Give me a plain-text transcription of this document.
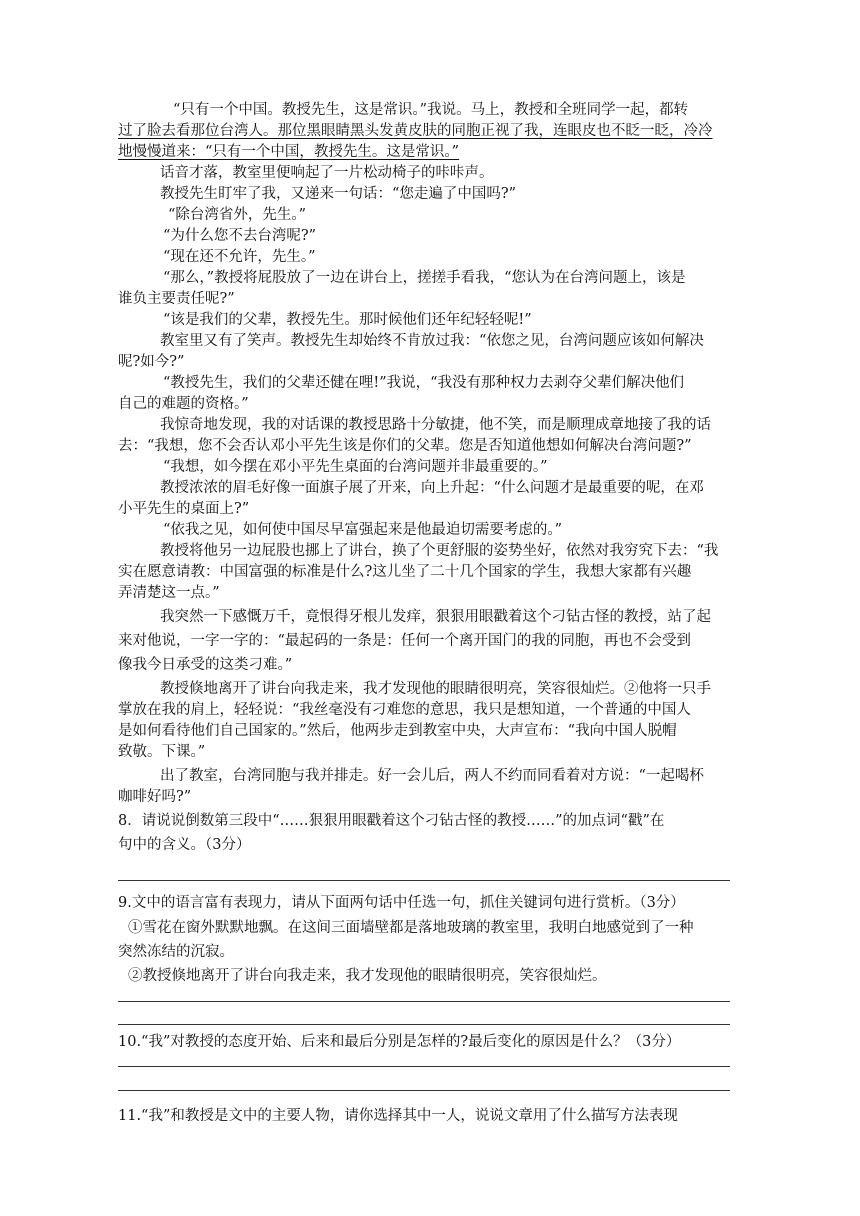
“只有一个中国。教授先生，这是常识。”我说。马上，教授和全班同学一起，都转
过了脸去看那位台湾人。那位黑眼睛黑头发黄皮肤的同胞正视了我，连眼皮也不眨一眨，冷冷
地慢慢道来：“只有一个中国，教授先生。这是常识。”
话音才落，教室里便响起了一片松动椅子的咔咔声。
教授先生盯牢了我，又递来一句话：“您走遍了中国吗?”
“除台湾省外，先生。”
“为什么您不去台湾呢?”
“现在还不允许，先生。”
“那么，”教授将屁股放了一边在讲台上，搓搓手看我，“您认为在台湾问题上，该是
谁负主要责任呢?”
“该是我们的父辈，教授先生。那时候他们还年纪轻轻呢!”
教室里又有了笑声。教授先生却始终不肯放过我：“依您之见，台湾问题应该如何解决
呢?如今?”
“教授先生，我们的父辈还健在哩!”我说，“我没有那种权力去剥夺父辈们解决他们
自己的难题的资格。”
我惊奇地发现，我的对话课的教授思路十分敏捷，他不笑，而是顺理成章地接了我的话
去：“我想，您不会否认邓小平先生该是你们的父辈。您是否知道他想如何解决台湾问题?”
“我想，如今摆在邓小平先生桌面的台湾问题并非最重要的。”
教授浓浓的眉毛好像一面旗子展了开来，向上升起：“什么问题才是最重要的呢，在邓
小平先生的桌面上?”
“依我之见，如何使中国尽早富强起来是他最迫切需要考虑的。”
教授将他另一边屁股也挪上了讲台，换了个更舒服的姿势坐好，依然对我穷究下去：“我
实在愿意请教：中国富强的标准是什么?这儿坐了二十几个国家的学生，我想大家都有兴趣
弄清楚这一点。”
我突然一下感慨万千，竟恨得牙根儿发痒，狠狠用眼戳着这个刁钻古怪的教授，站了起
来对他说，一字一字的：“最起码的一条是：任何一个离开国门的我的同胞，再也不会受到
像我今日承受的这类刁难。”
教授倏地离开了讲台向我走来，我才发现他的眼睛很明亮，笑容很灿烂。②他将一只手
掌放在我的肩上，轻轻说：“我丝毫没有刁难您的意思，我只是想知道，一个普通的中国人
是如何看待他们自己国家的。”然后，他两步走到教室中央，大声宣布：“我向中国人脱帽
致敬。下课。”
出了教室，台湾同胞与我并排走。好一会儿后，两人不约而同看着对方说：“一起喝杯
咖啡好吗?”
8．请说说倒数第三段中“……狠狠用眼戳着这个刁钻古怪的教授……”的加点词“戳”在
句中的含义。（3分）
9.文中的语言富有表现力，请从下面两句话中任选一句，抓住关键词句进行赏析。（3分）
①雪花在窗外默默地飘。在这间三面墙壁都是落地玻璃的教室里，我明白地感觉到了一种
突然冻结的沉寂。
②教授倏地离开了讲台向我走来，我才发现他的眼睛很明亮，笑容很灿烂。
10.“我”对教授的态度开始、后来和最后分别是怎样的?最后变化的原因是什么？（3分）
11.“我”和教授是文中的主要人物，请你选择其中一人，说说文章用了什么描写方法表现
